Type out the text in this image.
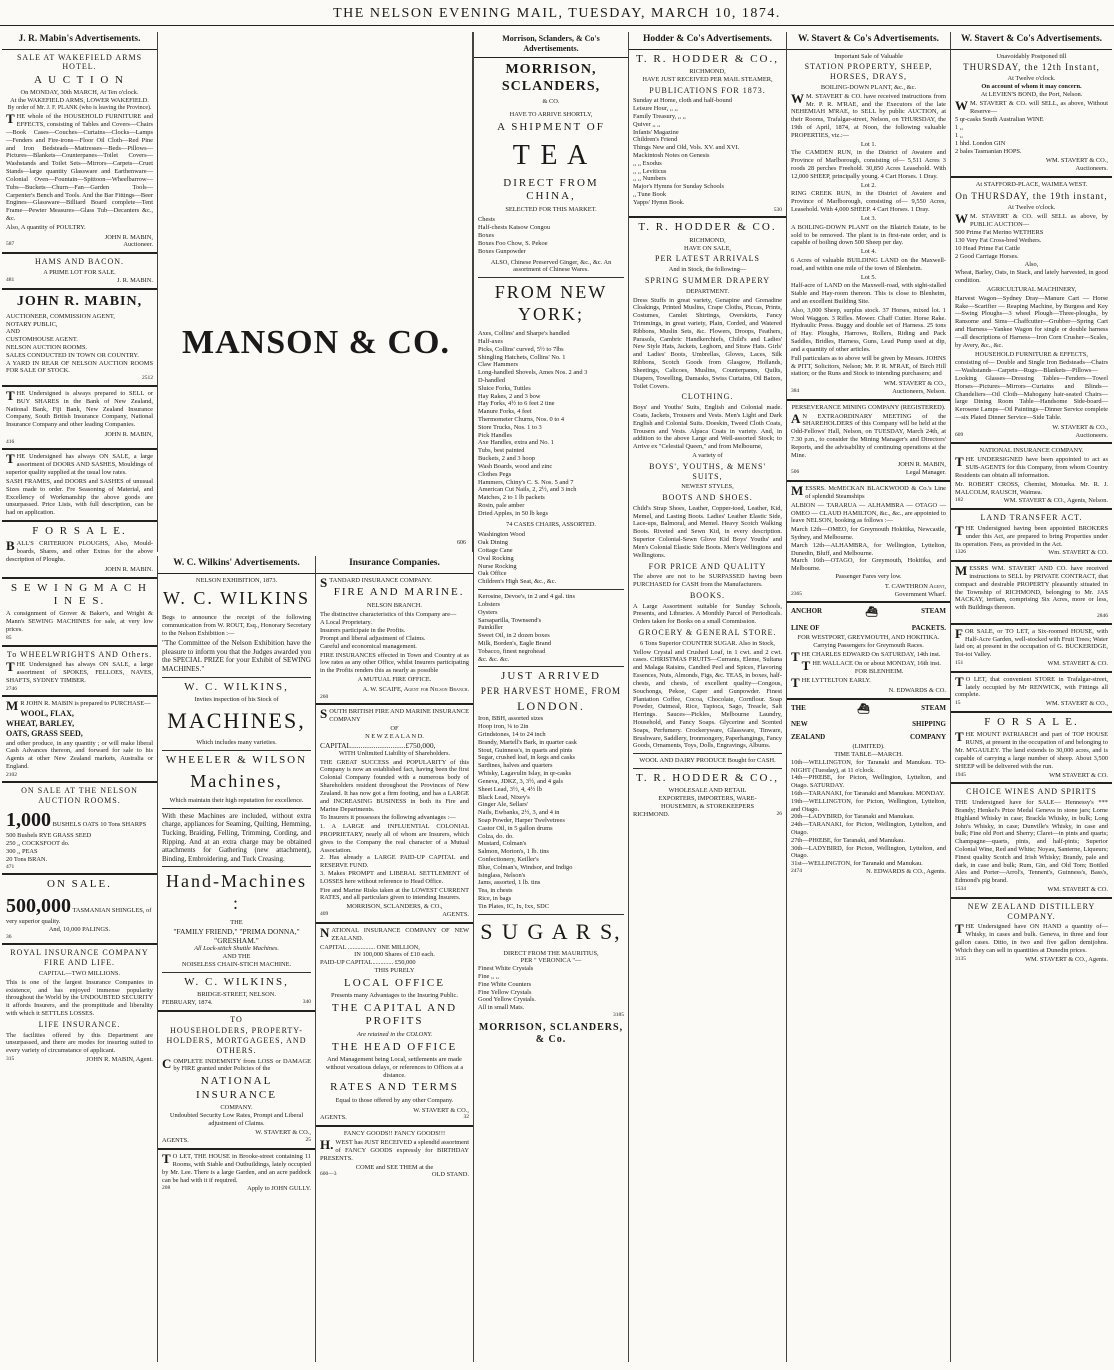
THE NELSON EVENING MAIL, TUESDAY, MARCH 10, 1874.
J. R. Mabin's Advertisements.
SALE AT WAKEFIELD ARMS HOTEL.
A U C T I O N
On MONDAY, 30th MARCH, At Ten o'clock.
At the WAKEFIELD ARMS, LOWER WAKEFIELD.
By order of Mr. J. F. PLANK (who is leaving the Province).

THE whole of the HOUSEHOLD FURNITURE and EFFECTS, consisting of Tables and Covers—Chairs—Book Cases—Couches—Curtains—Clocks—Lamps—Fenders and Fire-irons—Floor Oil Cloth—Red Pine and Iron Bedsteads—Mattresses—Beds—Pillows—Pictures—Blankets—Counterpanes—Toilet Covers—Washstands and Toilet Sets—Mirrors—Carpets—Cruet Stands—large quantity Glassware and Earthenware—Colonial Oven—Fountain—Spittoon—Wheelbarrow—Tubs—Buckets—Churn—Fan—Garden Tools—Carpenter's Bench and Tools. And the Bar Fittings—Beer Engines—Glassware—Billiard Board complete—Tent Frame—Pewter Measures—Glass Tub—Decanters &c., &c.

Also, A quantity of POULTRY.

JOHN R. MABIN,
587	Auctioneer.
HAMS AND BACON.
A PRIME LOT FOR SALE.
481	J. R. MABIN.
JOHN R. MABIN,

AUCTIONEER, COMMISSION AGENT,

NOTARY PUBLIC,

AND

CUSTOMHOUSE AGENT.

NELSON AUCTION ROOMS.

SALES CONDUCTED IN TOWN OR COUNTRY.

A YARD IN REAR OF NELSON AUCTION ROOMS FOR SALE OF STOCK.

2512

THE Undersigned is always prepared to SELL or BUY SHARES in the Bank of New Zealand, National Bank, Fiji Bank, New Zealand Insurance Company, South British Insurance Company, National Insurance Company and other leading Companies.

JOHN R. MABIN,
416

THE Undersigned has always ON SALE, a large assortment of DOORS AND SASHES, Mouldings of superior quality supplied at the usual low rates.

SASH FRAMES, and DOORS and SASHES of unusual Sizes made to order. Fre Seasoning of Material, and Excellency of Workmanship the above goods are unsurpassed. Price Lists, with full description, can be had on application.

F O R S A L E.

BALL'S CRITERION PLOUGHS, Also, Mould-boards, Shares, and other Extras for the above description of Ploughs.

JOHN R. MABIN.
S E W I N G M A C H I N E S.

A consignment of Grover & Baker's, and Wright & Mann's SEWING MACHINES for sale, at very low prices.

85
To WHEELWRIGHTS AND Others.

THE Undersigned has always ON SALE, a large assortment of SPOKES, FELLOES, NAVES, SHAFTS, SYDNEY TIMBER.

2746

MR JOHN R. MABIN is prepared to PURCHASE—

WOOL, FLAX,

WHEAT, BARLEY,

OATS, GRASS SEED,

and other produce, in any quantity ; or will make liberal Cash Advances thereon, and forward for sale to his Agents at other New Zealand markets, Australia or England.

2102
ON SALE AT THE NELSON AUCTION ROOMS.
1,000 BUSHELS OATS 10 Tons SHARPS

500 Bushels RYE GRASS SEED

250 ,, COCKSFOOT do.

300 ,, PEAS

20 Tons BRAN.

471
ON SALE.
500,000 TASMANIAN SHINGLES, of very superior quality.
And, 10,000 PALINGS.
36
ROYAL INSURANCE COMPANY FIRE AND LIFE.
CAPITAL—TWO MILLIONS.

This is one of the largest Insurance Companies in existence, and has enjoyed immense popularity throughout the World by the UNDOUBTED SECURITY it affords Insurers, and the promptitude and liberality with which it SETTLES LOSSES.

LIFE INSURANCE.

The facilities offered by this Department are unsurpassed, and there are modes for insuring suited to every variety of circumstance of applicant.

315	JOHN R. MABIN, Agent.
MANSON & CO.
606
W. C. Wilkins' Advertisements.
NELSON EXHIBITION, 1873.
W. C. WILKINS

Begs to announce the receipt of the following communication from W. ROUT, Esq., Honorary Secretary to the Nelson Exhibition :—

"The Committee of the Nelson Exhibition have the pleasure to inform you that the Judges awarded you the SPECIAL PRIZE for your Exhibit of SEWING MACHINES."

W. C. WILKINS,
Invites inspection of his Stock of
MACHINES,
Which includes many varieties.
WHEELER & WILSON
Machines,
Which maintain their high reputation for excellence.

With these Machines are included, without extra charge, appliances for Seaming, Quilting, Hemming, Tucking, Braiding, Felling, Trimming, Cording, and Ripping. And at an extra charge may be obtained attachments for Gathering (new attachment), Binding, Embroidering, and Tuck Creasing.

Hand-Machines :
THE
"FAMILY FRIEND," "PRIMA DONNA," "GRESHAM."
All Lock-stitch Shuttle Machines.
AND THE
NOISELESS CHAIN-STICH MACHINE.
W. C. WILKINS,
BRIDGE-STREET, NELSON.
FEBRUARY, 1874.	340
TO
HOUSEHOLDERS, PROPERTY-HOLDERS, MORTGAGEES, AND OTHERS.

COMPLETE INDEMNITY from LOSS or DAMAGE by FIRE granted under Policies of the

NATIONAL INSURANCE
COMPANY.
Undoubted Security Low Rates, Prompt and Liberal adjustment of Claims.
W. STAVERT & CO.,
AGENTS.	25

TO LET, THE HOUSE in Brooke-street containing 11 Rooms, with Stable and Outbuildings, lately occupied by Mr. Lee. There is a large Garden, and an acre paddock can be had with it if required.

208	Apply to JOHN GULLY.
Insurance Companies.

STANDARD INSURANCE COMPANY.

FIRE AND MARINE.
NELSON BRANCH.

The distinctive characteristics of this Company are—

A Local Proprietary.

Insurers participate in the Profits.

Prompt and liberal adjustment of Claims.

Careful and economical management.

FIRE INSURANCES effected in Town and Country at as low rates as any other Office, whilst Insurers participating in the Profits renders this as nearly as possible

A MUTUAL FIRE OFFICE.
A. W. SCAIFE, Agent for Nelson Branch.
260

SOUTH BRITISH FIRE AND MARINE INSURANCE COMPANY

OF
N E W Z E A L A N D.
CAPITAL.............................£750,000,
WITH Unlimited Liability of Shareholders.

THE GREAT SUCCESS and POPULARITY of this Company is now an established fact, having been the first Colonial Company founded with a numerous body of Shareholders resident throughout the Provinces of New Zealand. It has now got a firm footing, and has a LARGE and INCREASING BUSINESS in both its Fire and Marine Departments.

To Insurers it possesses the following advantages :—

1. A LARGE and INFLUENTIAL COLONIAL PROPRIETARY, nearly all of whom are Insurers, which gives to the Company the real character of a Mutual Association.

2. Has already a LARGE PAID-UP CAPITAL and RESERVE FUND.

3. Makes PROMPT and LIBERAL SETTLEMENT of LOSSES here without reference to Head Office.

Fire and Marine Risks taken at the LOWEST CURRENT RATES, and all particulars given to intending Insurers.

MORRISON, SCLANDERS, & CO.,
409	AGENTS.

NATIONAL INSURANCE COMPANY OF NEW ZEALAND.

CAPITAL ................. ONE MILLION,
IN 100,000 Shares of £10 each.
PAID-UP CAPITAL............. £50,000
THIS PURELY
LOCAL OFFICE
Presents many Advantages to the Insuring Public.
THE CAPITAL AND PROFITS
Are retained in the COLONY.
THE HEAD OFFICE
And Management being Local, settlements are made without vexatious delays, or references to Offices at a distance.
RATES AND TERMS
Equal to those offered by any other Company.
W. STAVERT & CO.,
AGENTS.	32
FANCY GOODS!! FANCY GOODS!!!

H.WEST has JUST RECEIVED a splendid assortment of FANCY GOODS expressly for BIRTHDAY PRESENTS.

COME and SEE THEM at the
600—3	OLD STAND.
Morrison, Sclanders, & Co's Advertisements.
MORRISON, SCLANDERS,
& CO.
HAVE TO ARRIVE SHORTLY,
A SHIPMENT OF
T E A
DIRECT FROM CHINA,
SELECTED FOR THIS MARKET.

Chests

Half-chests Kaisow Congou

Boxes

Boxes Foo Chow, S. Pekoe

Boxes Gunpowder

ALSO, Chinese Preserved Ginger, &c., &c. An assortment of Chinese Wares.
FROM NEW YORK;

Axes, Collins' and Sharpe's handled

Half-axes

Picks, Collins' curved, 5½ to 7lbs

Shingling Hatchets, Collins' No. 1

Claw Hammers

Long-handled Shovels, Ames Nos. 2 and 3

D-handled

Sluice Forks, Tuttles

Hay Rakes, 2 and 3 bow

Hay Forks, 4½ to 6 feet 2 tine

Manure Forks, 4 feet

Thermometer Churns, Nos. 0 to 4

Store Trucks, Nos. 1 to 3

Pick Handles

Axe Handles, extra and No. 1

Tubs, best painted

Buckets, 2 and 3 hoop

Wash Boards, wood and zinc

Clothes Pegs

Hammers, Chiny's C. S. Nos. 5 and 7

American Cut Nails, 2, 2½, and 3 inch

Matches, 2 to 1 lb packets

Rosin, pale amber

Dried Apples, in 50 lb kegs

74 CASES CHAIRS, ASSORTED.

Washington Wood

Oak Dining

Cottage Cane

Oval Rocking

Nurse Rocking

Oak Office

Children's High Seat, &c., &c.

Kerosine, Devoe's, in 2 and 4 gal. tins

Lobsters

Oysters

Sarsaparilla, Townsend's

Painkiller

Sweet Oil, in 2 dozen boxes

Milk, Borden's, Eagle Brand

Tobacco, finest negrohead

&c. &c. &c.

JUST ARRIVED
PER HARVEST HOME, FROM
LONDON.

Iron, BBH, assorted sizes

Hoop iron, ⅛ to 2in

Grindstones, 14 to 24 inch

Brandy, Martell's Bark, in quarter cask

Stout, Guinness's, in quarts and pints

Sugar, crushed loaf, in kegs and casks

Sardines, halves and quarters

Whisky, Lagavulin Islay, in qr-casks

Geneva, JDKZ, 3, 3½, and 4 gals

Sheet Lead, 3½, 4, 4½ lb

Black Lead, Nixey's

Ginger Ale, Sellars'

Nails, Ewbanks, 2½, 3, and 4 in

Soap Powder, Harper Twelvetrees

Castor Oil, in 5 gallon drums

Colza, do. do.

Mustard, Colman's

Salmon, Morton's, 1 lb. tins

Confectionery, Keiller's

Blue, Colman's, Windsor, and Indigo

Isinglass, Nelson's

Jams, assorted, 1 lb. tins

Tea, in chests

Rice, in bags

Tin Plates, IC, Ix, Ixx, SDC

S U G A R S,
DIRECT FROM THE MAURITIUS,
PER " VERONICA "—

Finest White Crystals

Fine ,, ,,

Fine White Counters

Fine Yellow Crystals

Good Yellow Crystals.

All in small Mats.

3185
MORRISON, SCLANDERS, & Co.
Hodder & Co's Advertisements.
T. R. HODDER & CO.,
RICHMOND,
HAVE JUST RECEIVED PER MAIL STEAMER,
PUBLICATIONS FOR 1873.

Sunday at Home, cloth and half-bound

Leisure Hour, ,, ,,

Family Treasury, ,, ,,

Quiver ,, ,,

Infants' Magazine

Children's Friend

Things New and Old, Vols. XV. and XVI.

Mackintosh Notes on Genesis

,, ,, Exodus

,, ,, Leviticus

,, ,, Numbers

Major's Hymns for Sunday Schools

,, Tune Book

Yapps' Hymn Book.

530
T. R. HODDER & CO.
RICHMOND,
HAVE ON SALE,
PER LATEST ARRIVALS
And in Stock, the following—
SPRING SUMMER DRAPERY
DEPARTMENT.

Dress Stuffs in great variety, Genapine and Grenadine Cloakings, Printed Muslins, Crape Cloths, Piccas, Prints, Costumes, Camlet Shirtings, Overskirts, Fancy Trimmings, in great variety, Plain, Corded, and Watered Ribbons, Muslin Sets, &c. Flowers, Droops, Feathers, Parasols, Cambric Handkerchiefs, Child's and Ladies' New Style Hats, Jackets, Leghorn, and Straw Hats. Girls' and Ladies' Boots, Umbrellas, Gloves, Laces, Silk Ribbons, Scotch Goods from Glasgow, Hollands, Sheetings, Calicoes, Muslins, Counterpanes, Quilts, Diapers, Towelling, Damasks, Swiss Curtains, Oil Baizes, Toilet Covers.

CLOTHING.

Boys' and Youths' Suits, English and Colonial made. Coats, Jackets, Trousers and Vests. Men's Light and Dark English and Colonial Suits. Doeskin, Tweed Cloth Coats, Trousers and Vests. Alpaca Coats in variety. And, in addition to the above Large and Well-assorted Stock; to Arrive ex "Celestial Queen," and from Melbourne,

A variety of
BOYS', YOUTHS, & MENS' SUITS,
NEWEST STYLES,
BOOTS AND SHOES.

Child's Strap Shoes, Leather, Copper-toed, Leather, Kid, Memel, and Lasting Boots. Ladies' Leather Elastic Side, Lace-ups, Balmoral, and Memel. Heavy Scotch Walking Boots. Riveted and Sewn Kid, in every description. Superior Colonial-Sewn Glove Kid Boys' Youths' and Men's Colonial Elastic Side Boots. Men's Wellingtons and Wellingtons.

FOR PRICE AND QUALITY

The above are not to be SURPASSED having been PURCHASED for CASH from the Manufacturers.

BOOKS.

A Large Assortment suitable for Sunday Schools, Presents, and Libraries. A Monthly Parcel of Periodicals. Orders taken for Books on a small Commission.

GROCERY & GENERAL STORE.
6 Tons Superior COUNTER SUGAR. Also in Stock,

Yellow Crystal and Crushed Loaf, in 1 cwt. and 2 cwt. cases. CHRISTMAS FRUITS—Currants, Eleme, Sultana and Malaga Raisins, Candied Peel and Spices, Flavoring Essences, Nuts, Almonds, Figs, &c. TEAS, in boxes, half-chests, and chests, of excellent quality—Congous, Souchongs, Pekoe, Caper and Gunpowder. Finest Plantation Coffee, Cocoa, Chocolate, Cornflour. Soap Powder, Oatmeal, Rice, Tapioca, Sago, Treacle, Salt Herrings. Sauces—Pickles, Melbourne Laundry, Household, and Fancy Soaps. Glycerine and Scented Soaps, Perfumery. Crockeryware, Glassware, Tinware, Brushware, Saddlery, Ironmongery, Paperhangings, Fancy Goods, Ornaments, Toys, Dolls, Engravings, Albums.

WOOL AND DAIRY PRODUCE Bought for CASH.
T. R. HODDER & CO.,
WHOLESALE AND RETAIL
EXPORTERS, IMPORTERS, WARE-
HOUSEMEN, & STOREKEEPERS
RICHMOND.	26
W. Stavert & Co's Advertisements.
Important Sale of Valuable
STATION PROPERTY, SHEEP, HORSES, DRAYS,
BOILING-DOWN PLANT, &c., &c.

WM. STAVERT & CO. have received instructions from Mr. P. R. M'RAE, and the Executors of the late NEHEMIAH M'RAE, to SELL by public AUCTION, at their Rooms, Trafalgar-street, Nelson, on THURSDAY, the 19th of April, 1874, at Noon, the following valuable PROPERTIES, viz.:—

Lot 1.

The CAMDEN RUN, in the District of Awatere and Province of Marlborough, consisting of— 5,511 Acres 3 roods 28 perches Freehold. 30,850 Acres Leasehold. With 12,000 SHEEP, principally young. 4 Cart Horses. 1 Dray.

Lot 2.

RING CREEK RUN, in the District of Awatere and Province of Marlborough, consisting of— 9,550 Acres, Leasehold. With 4,000 SHEEP. 4 Cart Horses. 1 Dray.

Lot 3.

A BOILING-DOWN PLANT on the Blairich Estate, to be sold to be removed. The plant is in first-rate order, and is capable of boiling down 500 Sheep per day.

Lot 4.

6 Acres of valuable BUILDING LAND on the Maxwell-road, and within one mile of the town of Blenheim.

Lot 5.

Half-acre of LAND on the Maxwell-road, with sight-stalled Stable and Hay-room thereon. This is close to Blenheim, and an excellent Building Site.

Also, 3,000 Sheep, surplus stock. 37 Horses, mixed lot. 1 Wool Waggon. 3 Rifles. Mower. Chaff Cutter. Horse Rake. Hydraulic Press. Buggy and double set of Harness. 25 tons of Hay. Ploughs, Harrows, Rollers, Riding and Pack Saddles, Bridles, Harness, Guns, Lead Pump used at dip, and a quantity of other articles.

Full particulars as to above will be given by Messrs. JOHNS & PITT, Solicitors, Nelson; Mr. P. R. M'RAE, of Birch Hill station; or the Runs and Stock to intending purchasers; and

WM. STAVERT & CO.,
384	Auctioneers, Nelson.
PERSEVERANCE MINING COMPANY (REGISTERED).

AN EXTRAORDINARY MEETING of the SHAREHOLDERS of this Company will be held at the Odd-Fellows' Hall, Nelson, on TUESDAY, March 24th, at 7.30 p.m., to consider the Mining Manager's and Directors' Reports, and the advisability of continuing operations at the Mine.

JOHN R. MABIN,
506	Legal Manager.

MESSRS. McMECKAN BLACKWOOD & Co.'s Line of splendid Steamships

ALBION — TARARUA — ALHAMBRA — OTAGO — OMEO — CLAUD HAMILTON, &c., &c., are appointed to leave NELSON, booking as follows :—

March 12th—OMEO, for Greymouth Hokitika, Newcastle, Sydney, and Melbourne.

March 12th—ALHAMBRA, for Wellington, Lyttelton, Dunedin, Bluff, and Melbourne.

March 16th—OTAGO, for Greymouth, Hokitika, and Melbourne.

Passenger Fares very low.
T. CAWTHRON Agent,
2365	Government Wharf.
ANCHOR	⛴	STEAM
LINE OF	PACKETS.
FOR WESTPORT, GREYMOUTH, AND HOKITIKA.
Carrying Passengers for Greymouth Races.

THE CHARLES EDWARD On SATURDAY, 14th inst.

THE WALLACE On or about MONDAY, 16th inst.

FOR BLENHEIM.

THE LYTTELTON EARLY.

N. EDWARDS & CO.
THE	⛴	STEAM
NEW	SHIPPING
ZEALAND	COMPANY
(LIMITED).
TIME TABLE—MARCH.

10th—WELLINGTON, for Taranaki and Manukau. TO-NIGHT (Tuesday), at 11 o'clock.

14th—PHŒBE, for Picton, Wellington, Lyttelton, and Otago. SATURDAY.

16th—TARANAKI, for Taranaki and Manukau. MONDAY.

19th—WELLINGTON, for Picton, Wellington, Lyttelton, and Otago.

20th—LADYBIRD, for Taranaki and Manukau.

24th—TARANAKI, for Picton, Wellington, Lyttelton, and Otago.

27th—PHŒBE, for Taranaki, and Manukau.

30th—LADYBIRD, for Picton, Wellington, Lyttelton, and Otago.

31st—WELLINGTON, for Taranaki and Manukau.

2474	N. EDWARDS & CO., Agents.
W. Stavert & Co's Advertisements.
Unavoidably Postponed till
THURSDAY, the 12th Instant,
At Twelve o'clock.
On account of whom it may concern.
At LEVIEN'S BOND, the Port, Nelson.

WM. STAVERT & CO. will SELL, as above, Without Reserve—

5 qr-casks South Australian WINE

1 ,,

1 ,,

1 hhd. London GIN

2 bales Tasmanian HOPS.

WM. STAVERT & CO.,
Auctioneers.
At STAFFORD-PLACE, WAIMEA WEST.
On THURSDAY, the 19th instant,
At Twelve o'clock.

WM. STAVERT & CO. will SELL as above, by PUBLIC AUCTION—

500 Prime Fat Merino WETHERS

130 Very Fat Cross-bred Wethers.

10 Head Prime Fat Cattle

2 Good Carriage Horses.

Also,

Wheat, Barley, Oats, in Stack, and lately harvested, in good condition.

AGRICULTURAL MACHINERY,

Harvest Wagon—Sydney Dray—Manure Cart — Horse Rake—Scarifier — Reaping Machine, by Burgess and Key—Swing Ploughs—3 wheel Plough—Three-ploughs, by Ransome and Sims—Chaffcutter—Grubber—Spring Cart and Harness—Yankee Wagon for single or double harness—all descriptions of Harness—Iron Corn Crusher—Scales, by Avery, &c., &c.

HOUSEHOLD FURNITURE & EFFECTS,

consisting of— Double and Single Iron Bedsteads—Chairs—Washstands—Carpets—Rugs—Blankets—Pillows—Looking Glasses—Dressing Tables—Fenders—Towel Horses—Pictures—Mirrors—Curtains and Blinds—Chandeliers—Oil Cloth—Mahogany hair-seated Chairs—large Dining Room Table—Handsome Side-board—Kerosene Lamps—Oil Paintings—Dinner Service complete—six Plated Dinner Service—Side Table.

W. STAVERT & CO.,
609	Auctioneers.
NATIONAL INSURANCE COMPANY.

THE UNDERSIGNED have been appointed to act as SUB-AGENTS for this Company, from whom Country Residents can obtain all information.

Mr. ROBERT CROSS, Chemist, Motueka. Mr. R. J. MALCOLM, RAUSCH, Waimea.

182	WM. STAVERT & CO., Agents, Nelson.
LAND TRANSFER ACT.

THE Undersigned having been appointed BROKERS under this Act, are prepared to bring Properties under its operation. Fees, as provided in the Act.

1326	Wm. STAVERT & CO.

MESSRS WM. STAVERT AND CO. have received instructions to SELL by PRIVATE CONTRACT, that compact and desirable PROPERTY pleasantly situated in the Township of RICHMOND, belonging to Mr. JAS MACKAY, tertiam, comprising Six Acres, more or less, with Buildings thereon.

2846

FOR SALE, or TO LET, a Six-roomed HOUSE, with Half-Acre Garden, well-stocked with Fruit Trees; Water laid on; at present in the occupation of G. BUCKERIDGE, Toi-toi Valley.

151	WM. STAVERT & CO.

TO LET, that convenient STORE in Trafalgar-street, lately occupied by Mr RENWICK, with Fittings all complete.

15	WM. STAVERT & CO.,
F O R S A L E.

THE MOUNT PATRIARCH and part of TOP HOUSE RUNS, at present in the occupation of and belonging to Mr. M'GAULEY. The land extends to 30,000 acres, and is capable of carrying a large number of sheep. About 3,500 SHEEP will be delivered with the run.

1945	WM STAVERT & CO.
CHOICE WINES AND SPIRITS

THE Undersigned have for SALE— Hennessy's *** Brandy; Henkel's Prize Medal Geneva in stone jars; Lorne Highland Whisky in case; Brackla Whisky, in bulk; Long John's Whisky, in case; Dunville's Whisky, in case and bulk; Fine old Port and Sherry; Claret—in pints and quarts; Champagne—quarts, pints, and half-pints; Superior Colonial Wine, Red and White; Noyau, Santerne, Liqueurs; Finest quality Scotch and Irish Whisky; Brandy, pale and dark, in case and bulk; Rum, Gin, and Old Tom; Bottled Ales and Porter—Arrol's, Tennent's, Guinness's, Bass's, Edmond's pig brand.

1534	WM. STAVERT & CO.
NEW ZEALAND DISTILLERY COMPANY.

THE Undersigned have ON HAND a quantity of— Whisky, in cases and bulk. Geneva, in three and four gallon cases. Ditto, in two and five gallon demijohns. Which they can sell in quantities at Dunedin prices.

3135	WM. STAVERT & CO., Agents.
